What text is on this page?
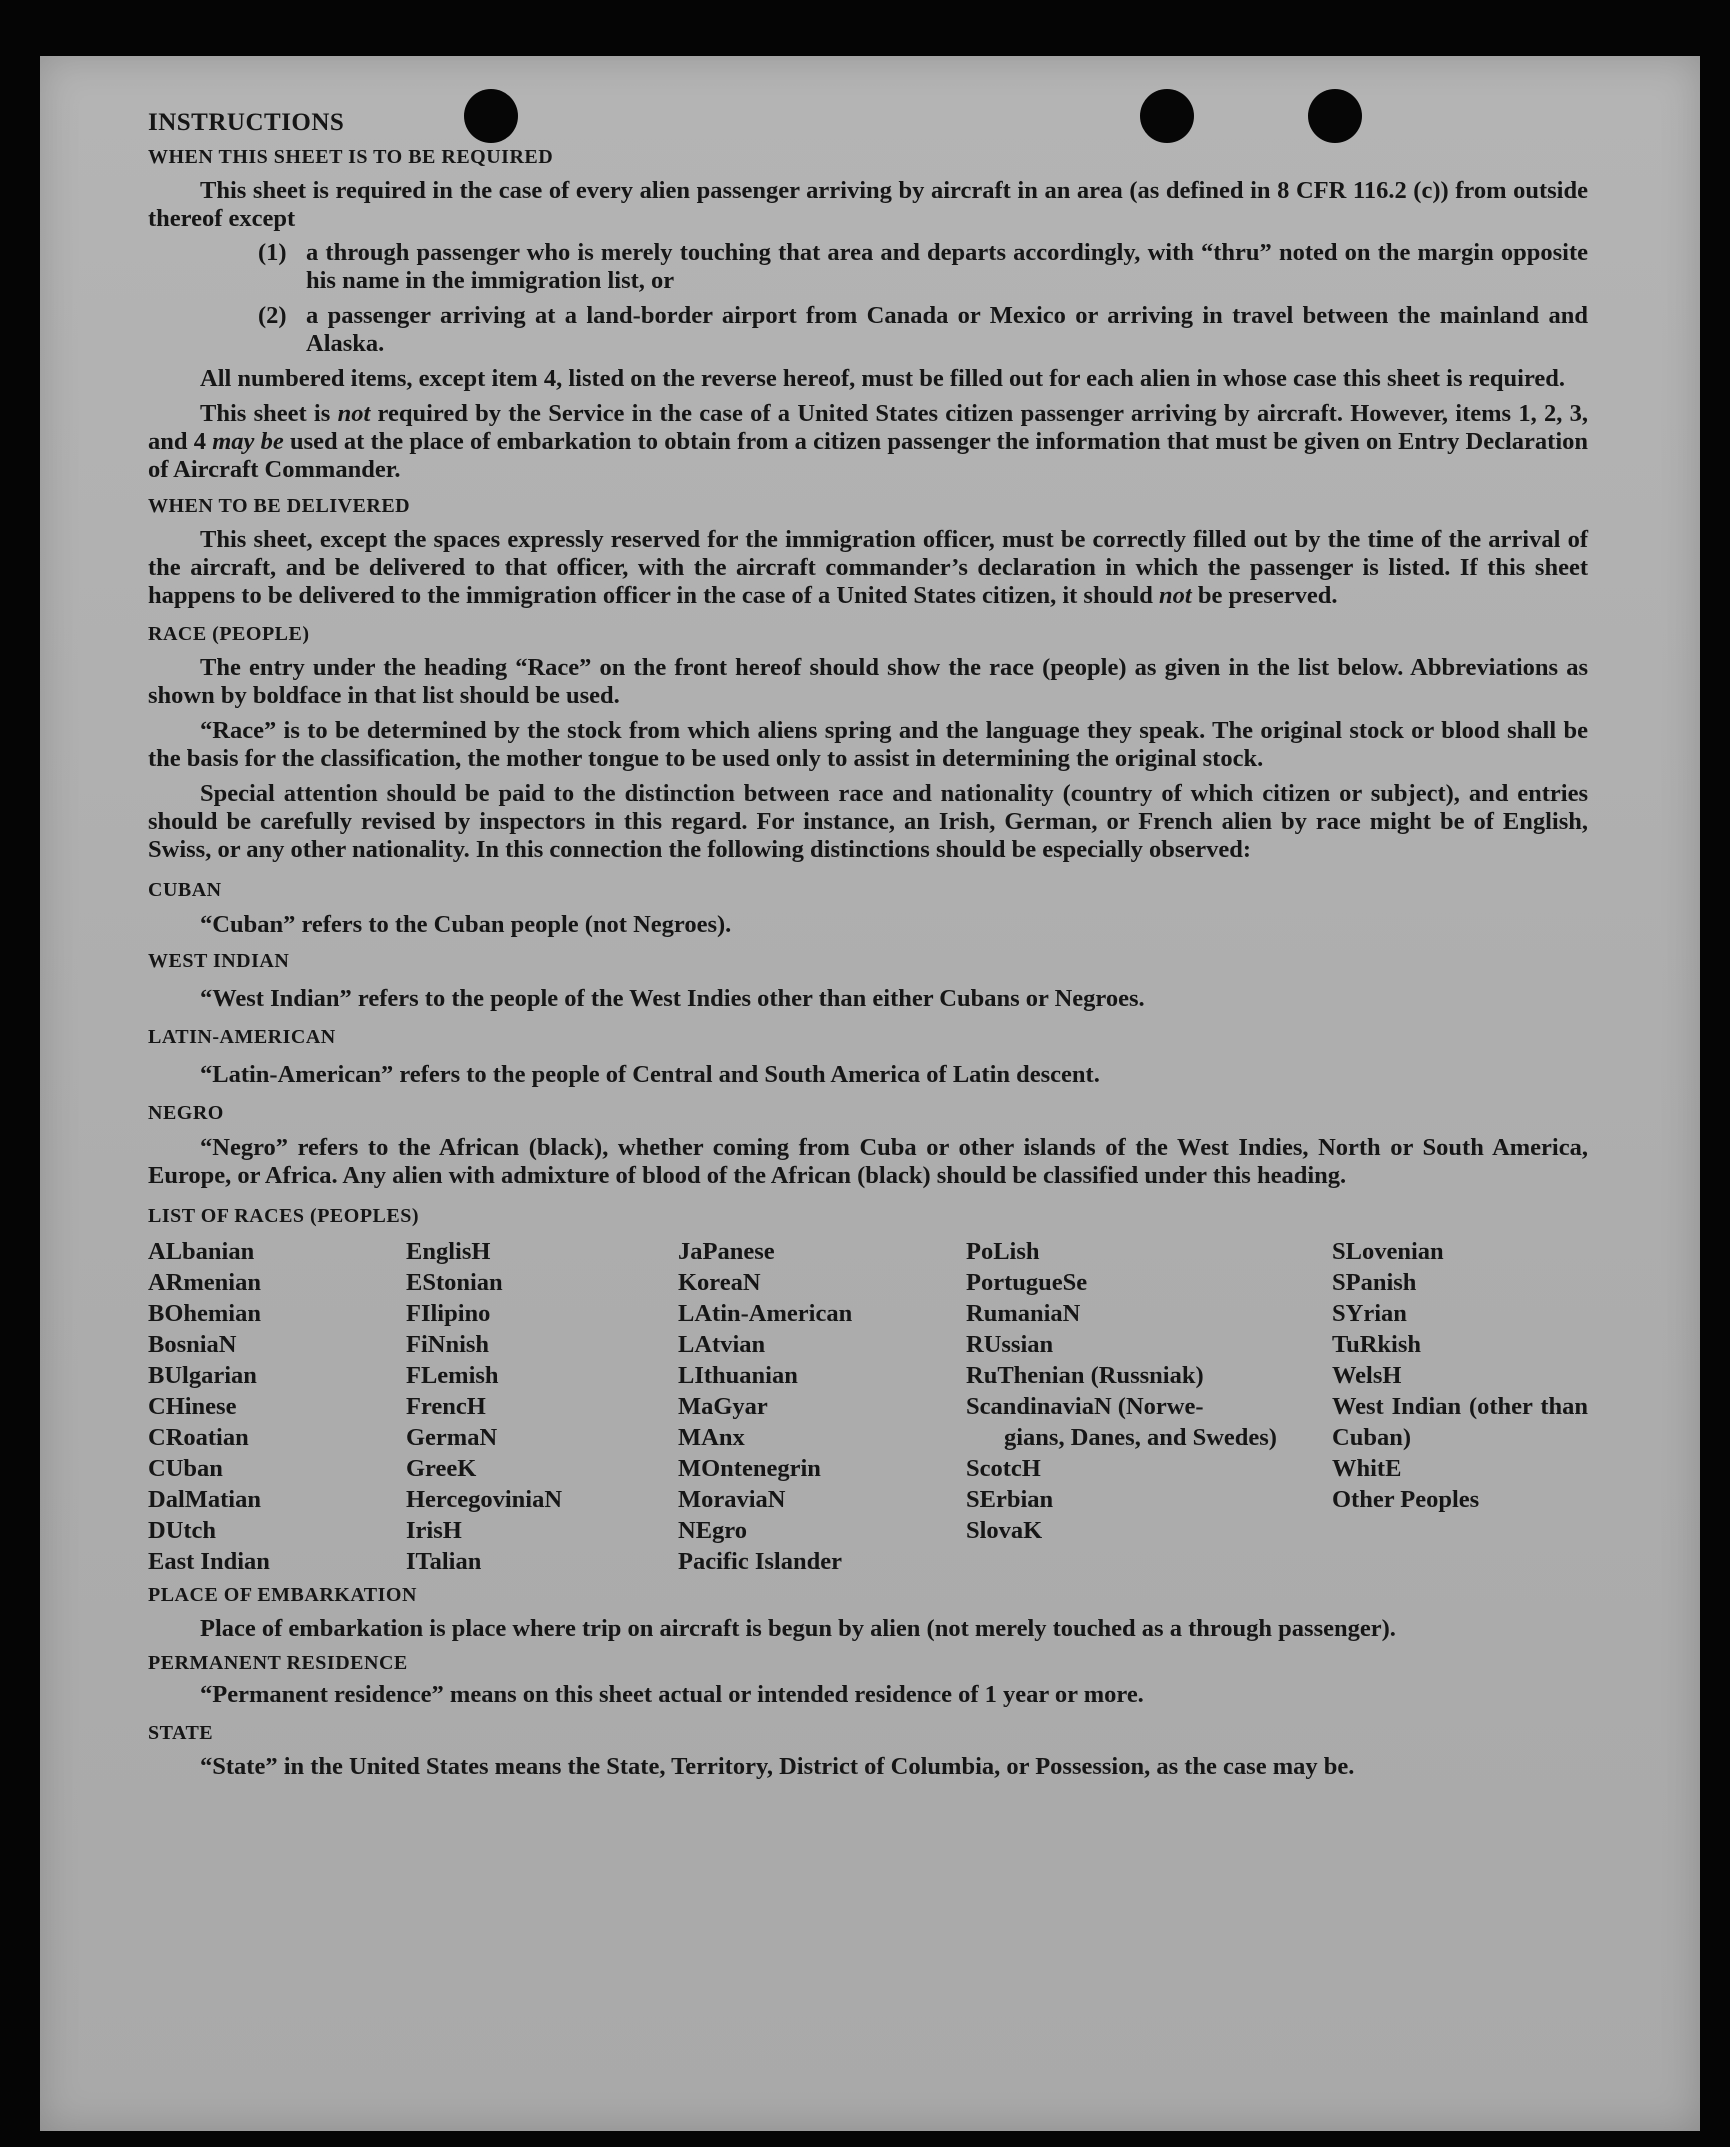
INSTRUCTIONS

WHEN THIS SHEET IS TO BE REQUIRED

This sheet is required in the case of every alien passenger arriving by aircraft in an area (as defined in 8 CFR 116.2 (c)) from outside thereof except

(1) a through passenger who is merely touching that area and departs accordingly, with “thru” noted on the margin opposite his name in the immigration list, or
(2) a passenger arriving at a land-border airport from Canada or Mexico or arriving in travel between the mainland and Alaska.

All numbered items, except item 4, listed on the reverse hereof, must be filled out for each alien in whose case this sheet is required.

This sheet is not required by the Service in the case of a United States citizen passenger arriving by aircraft. However, items 1, 2, 3, and 4 may be used at the place of embarkation to obtain from a citizen passenger the information that must be given on Entry Declaration of Aircraft Commander.

WHEN TO BE DELIVERED

This sheet, except the spaces expressly reserved for the immigration officer, must be correctly filled out by the time of the arrival of the aircraft, and be delivered to that officer, with the aircraft commander’s declaration in which the passenger is listed. If this sheet happens to be delivered to the immigration officer in the case of a United States citizen, it should not be preserved.

RACE (PEOPLE)

The entry under the heading “Race” on the front hereof should show the race (people) as given in the list below. Abbreviations as shown by boldface in that list should be used.

“Race” is to be determined by the stock from which aliens spring and the language they speak. The original stock or blood shall be the basis for the classification, the mother tongue to be used only to assist in determining the original stock.

Special attention should be paid to the distinction between race and nationality (country of which citizen or subject), and entries should be carefully revised by inspectors in this regard. For instance, an Irish, German, or French alien by race might be of English, Swiss, or any other nationality. In this connection the following distinctions should be especially observed:

CUBAN

“Cuban” refers to the Cuban people (not Negroes).

WEST INDIAN

“West Indian” refers to the people of the West Indies other than either Cubans or Negroes.

LATIN-AMERICAN

“Latin-American” refers to the people of Central and South America of Latin descent.

NEGRO

“Negro” refers to the African (black), whether coming from Cuba or other islands of the West Indies, North or South America, Europe, or Africa. Any alien with admixture of blood of the African (black) should be classified under this heading.

LIST OF RACES (PEOPLES)

ALbanian
ARmenian
BOhemian
BosniaN
BUlgarian
CHinese
CRoatian
CUban
DalMatian
DUtch
East Indian
EnglisH
EStonian
FIlipino
FiNnish
FLemish
FrencH
GermaN
GreeK
HercegoviniaN
IrisH
ITalian
JaPanese
KoreaN
LAtin-American
LAtvian
LIthuanian
MaGyar
MAnx
MOntenegrin
MoraviaN
NEgro
Pacific Islander
PoLish
PortugueSe
RumaniaN
RUssian
RuThenian (Russniak)
ScandinaviaN (Norwe-
gians, Danes, and Swedes)
ScotcH
SErbian
SlovaK
SLovenian
SPanish
SYrian
TuRkish
WelsH
West Indian (other than Cuban)
WhitE
Other Peoples

PLACE OF EMBARKATION

Place of embarkation is place where trip on aircraft is begun by alien (not merely touched as a through passenger).

PERMANENT RESIDENCE

“Permanent residence” means on this sheet actual or intended residence of 1 year or more.

STATE

“State” in the United States means the State, Territory, District of Columbia, or Possession, as the case may be.
